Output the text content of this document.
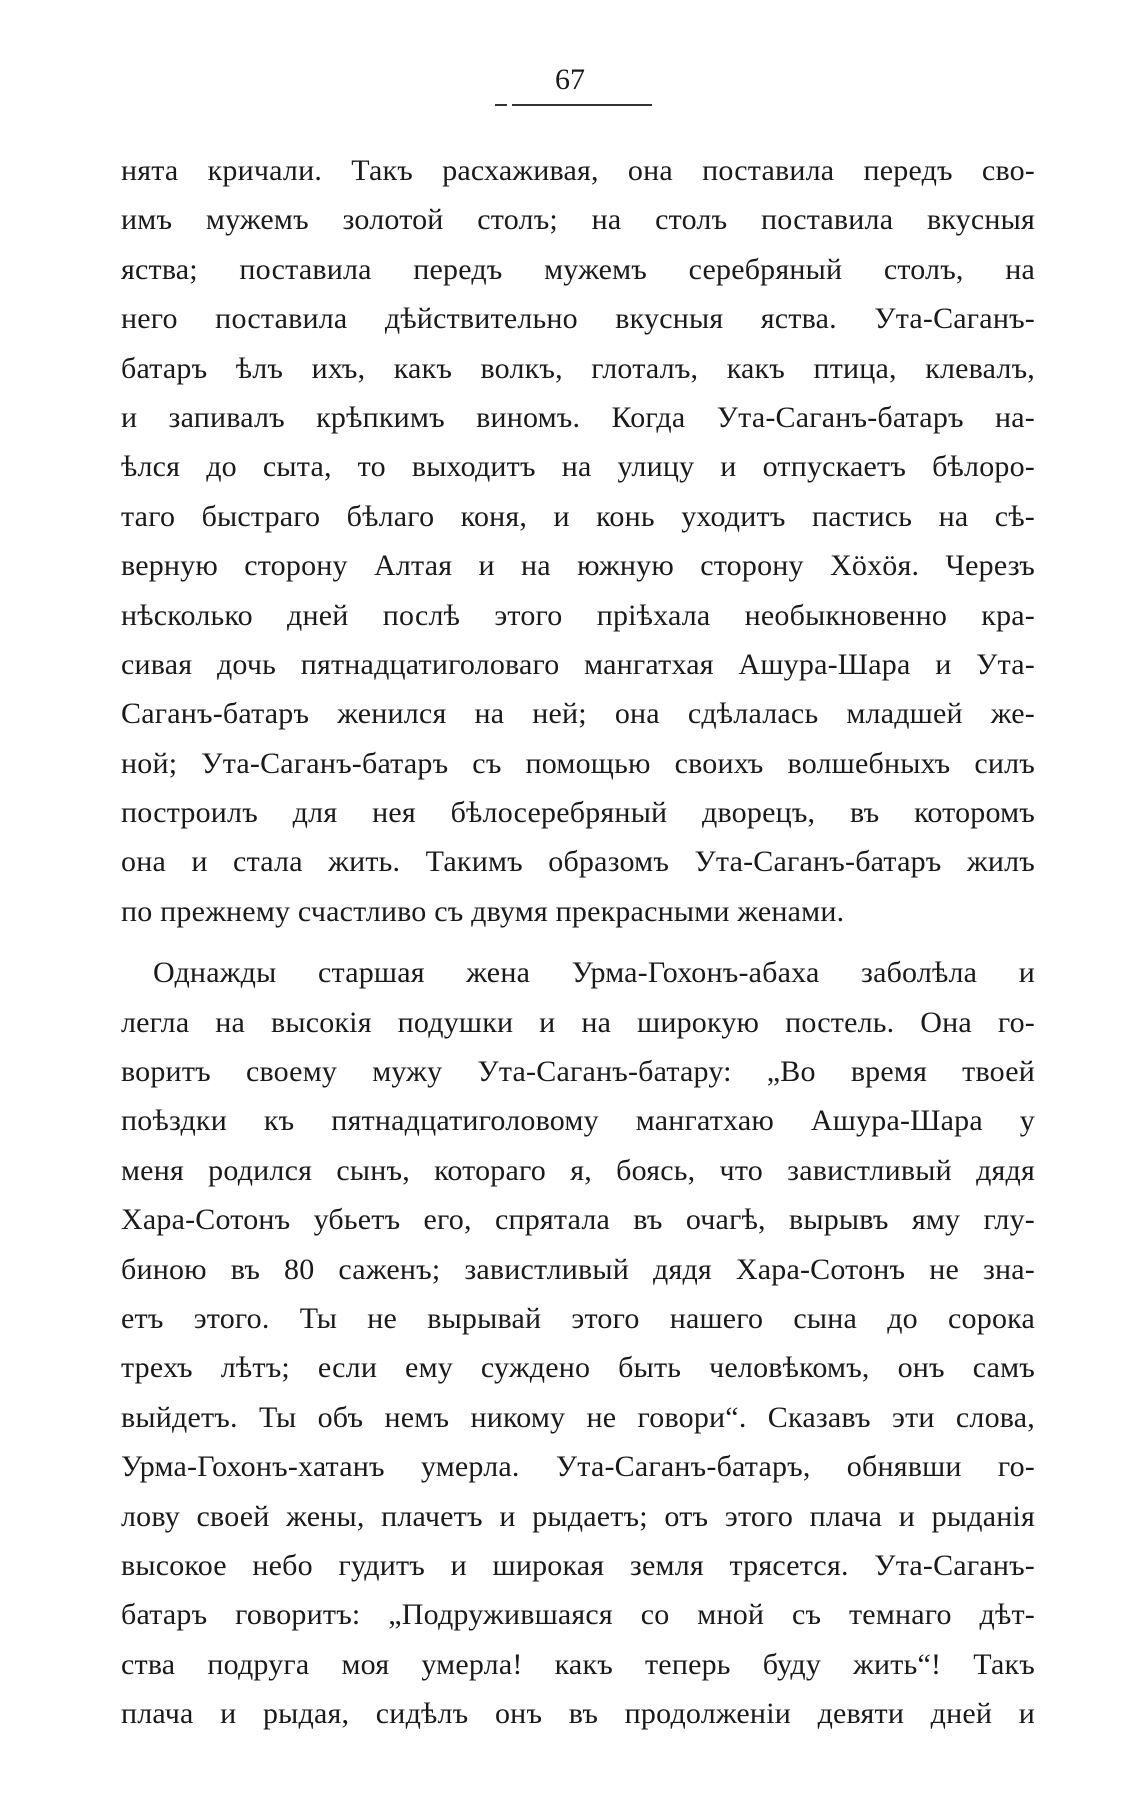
67
нята кричали. Такъ расхаживая, она поставила передъ сво-
имъ мужемъ золотой столъ; на столъ поставила вкусныя
яства; поставила передъ мужемъ серебряный столъ, на
него поставила дѣйствительно вкусныя яства. Ута-Саганъ-
батаръ ѣлъ ихъ, какъ волкъ, глоталъ, какъ птица, клевалъ,
и запивалъ крѣпкимъ виномъ. Когда Ута-Саганъ-батаръ на-
ѣлся до сыта, то выходитъ на улицу и отпускаетъ бѣлоро-
таго быстраго бѣлаго коня, и конь уходитъ пастись на сѣ-
верную сторону Алтая и на южную сторону Хӧхӧя. Черезъ
нѣсколько дней послѣ этого прiѣхала необыкновенно кра-
сивая дочь пятнадцатиголоваго мангатхая Ашура-Шара и Ута-
Саганъ-батаръ женился на ней; она сдѣлалась младшей же-
ной; Ута-Саганъ-батаръ съ помощью своихъ волшебныхъ силъ
построилъ для нея бѣлосеребряный дворецъ, въ которомъ
она и стала жить. Такимъ образомъ Ута-Саганъ-батаръ жилъ
по прежнему счастливо съ двумя прекрасными женами.
Однажды старшая жена Урма-Гохонъ-абаха заболѣла и
легла на высокiя подушки и на широкую постель. Она го-
воритъ своему мужу Ута-Саганъ-батару: „Во время твоей
поѣздки къ пятнадцатиголовому мангатхаю Ашура-Шара у
меня родился сынъ, котораго я, боясь, что завистливый дядя
Хара-Сотонъ убьетъ его, спрятала въ очагѣ, вырывъ яму глу-
биною въ 80 саженъ; завистливый дядя Хара-Сотонъ не зна-
етъ этого. Ты не вырывай этого нашего сына до сорока
трехъ лѣтъ; если ему суждено быть человѣкомъ, онъ самъ
выйдетъ. Ты объ немъ никому не говори“. Сказавъ эти слова,
Урма-Гохонъ-хатанъ умерла. Ута-Саганъ-батаръ, обнявши го-
лову своей жены, плачетъ и рыдаетъ; отъ этого плача и рыданiя
высокое небо гудитъ и широкая земля трясется. Ута-Саганъ-
батаръ говоритъ: „Подружившаяся со мной съ темнаго дѣт-
ства подруга моя умерла! какъ теперь буду жить“! Такъ
плача и рыдая, сидѣлъ онъ въ продолженiи девяти дней и
